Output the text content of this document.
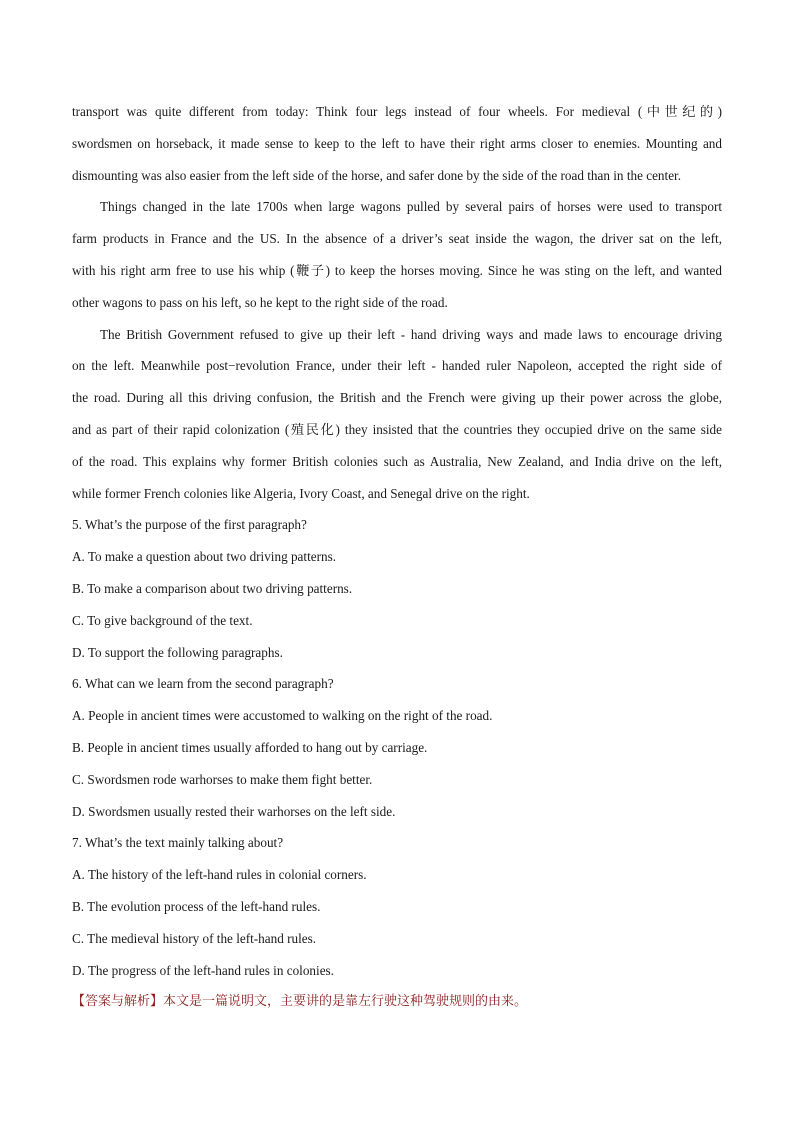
transport was quite different from today: Think four legs instead of four wheels. For medieval (中世纪的)

swordsmen on horseback, it made sense to keep to the left to have their right arms closer to enemies. Mounting and

dismounting was also easier from the left side of the horse, and safer done by the side of the road than in the center.

Things changed in the late 1700s when large wagons pulled by several pairs of horses were used to transport

farm products in France and the US. In the absence of a driver’s seat inside the wagon, the driver sat on the left,

with his right arm free to use his whip (鞭子) to keep the horses moving. Since he was sting on the left, and wanted

other wagons to pass on his left, so he kept to the right side of the road.

The British Government refused to give up their left - hand driving ways and made laws to encourage driving

on the left. Meanwhile post−revolution France, under their left - handed ruler Napoleon, accepted the right side of

the road. During all this driving confusion, the British and the French were giving up their power across the globe,

and as part of their rapid colonization (殖民化) they insisted that the countries they occupied drive on the same side

of the road. This explains why former British colonies such as Australia, New Zealand, and India drive on the left,

while former French colonies like Algeria, Ivory Coast, and Senegal drive on the right.

5. What’s the purpose of the first paragraph?

A. To make a question about two driving patterns.
B. To make a comparison about two driving patterns.
C. To give background of the text.
D. To support the following paragraphs.

6. What can we learn from the second paragraph?

A. People in ancient times were accustomed to walking on the right of the road.
B. People in ancient times usually afforded to hang out by carriage.
C. Swordsmen rode warhorses to make them fight better.
D. Swordsmen usually rested their warhorses on the left side.

7. What’s the text mainly talking about?

A. The history of the left-hand rules in colonial corners.
B. The evolution process of the left-hand rules.
C. The medieval history of the left-hand rules.
D. The progress of the left-hand rules in colonies.

【答案与解析】本文是一篇说明文，主要讲的是靠左行驶这种驾驶规则的由来。
